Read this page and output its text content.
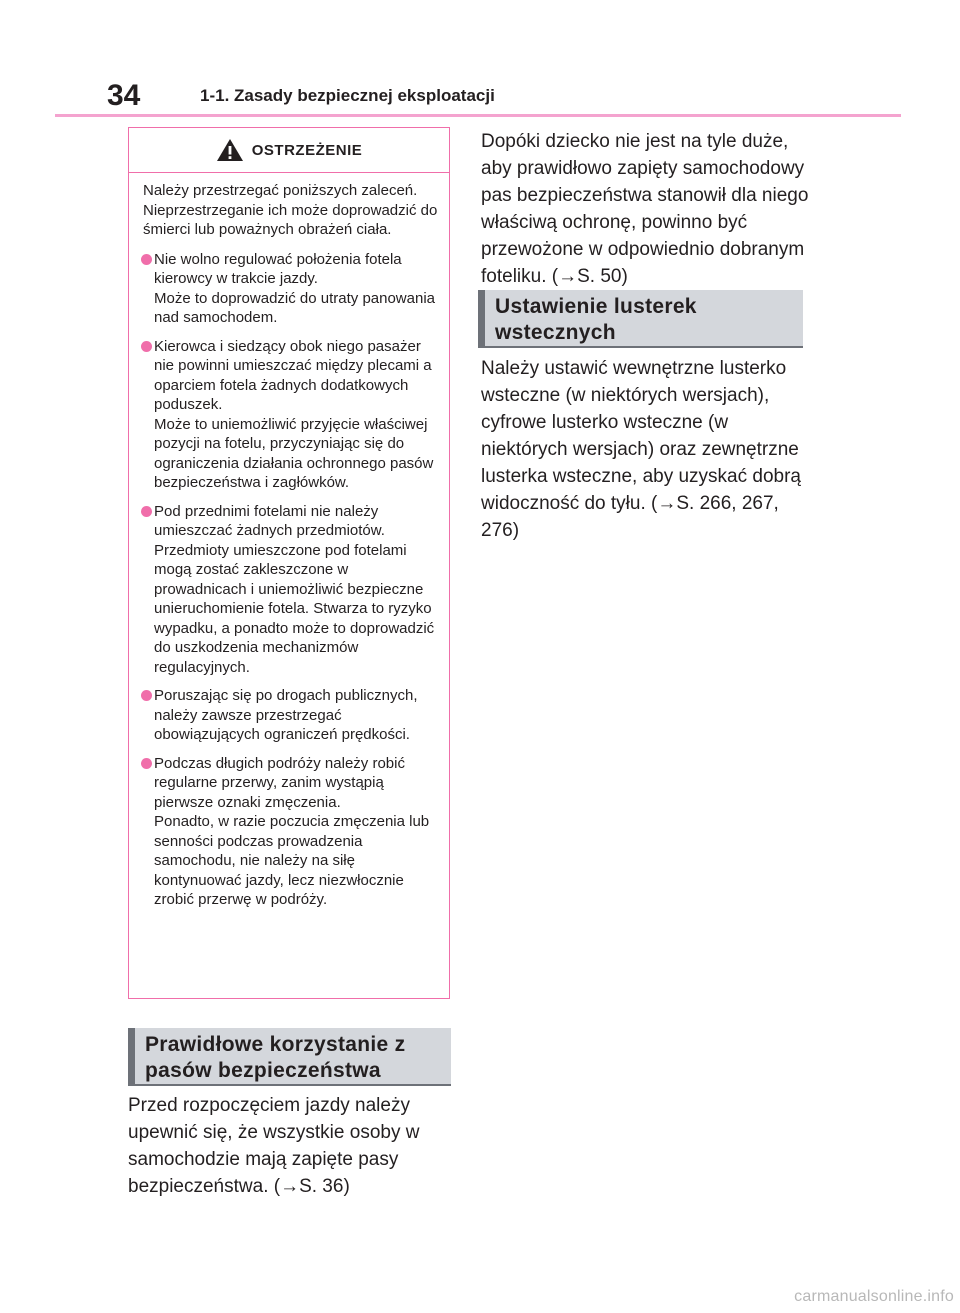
34	1-1. Zasady bezpiecznej eksploatacji
OSTRZEŻENIE

Należy przestrzegać poniższych zaleceń. Nieprzestrzeganie ich może doprowadzić do śmierci lub poważnych obrażeń ciała.

Nie wolno regulować położenia fotela kierowcy w trakcie jazdy.
Może to doprowadzić do utraty panowania nad samochodem.
Kierowca i siedzący obok niego pasażer nie powinni umieszczać między plecami a oparciem fotela żadnych dodatkowych poduszek.
Może to uniemożliwić przyjęcie właściwej pozycji na fotelu, przyczyniając się do ograniczenia działania ochronnego pasów bezpieczeństwa i zagłówków.
Pod przednimi fotelami nie należy umieszczać żadnych przedmiotów.
Przedmioty umieszczone pod fotelami mogą zostać zakleszczone w prowadnicach i uniemożliwić bezpieczne unieruchomienie fotela. Stwarza to ryzyko wypadku, a ponadto może to doprowadzić do uszkodzenia mechanizmów regulacyjnych.
Poruszając się po drogach publicznych, należy zawsze przestrzegać obowiązujących ograniczeń prędkości.
Podczas długich podróży należy robić regularne przerwy, zanim wystąpią pierwsze oznaki zmęczenia.
Ponadto, w razie poczucia zmęczenia lub senności podczas prowadzenia samochodu, nie należy na siłę kontynuować jazdy, lecz niezwłocznie zrobić przerwę w podróży.
Prawidłowe korzystanie z pasów bezpieczeństwa

Przed rozpoczęciem jazdy należy upewnić się, że wszystkie osoby w samochodzie mają zapięte pasy bezpieczeństwa. (→S. 36)

Dopóki dziecko nie jest na tyle duże, aby prawidłowo zapięty samochodowy pas bezpieczeństwa stanowił dla niego właściwą ochronę, powinno być przewożone w odpowiednio dobranym foteliku. (→S. 50)

Ustawienie lusterek wstecznych

Należy ustawić wewnętrzne lusterko wsteczne (w niektórych wersjach), cyfrowe lusterko wsteczne (w niektórych wersjach) oraz zewnętrzne lusterka wsteczne, aby uzyskać dobrą widoczność do tyłu. (→S. 266, 267, 276)

carmanualsonline.info
